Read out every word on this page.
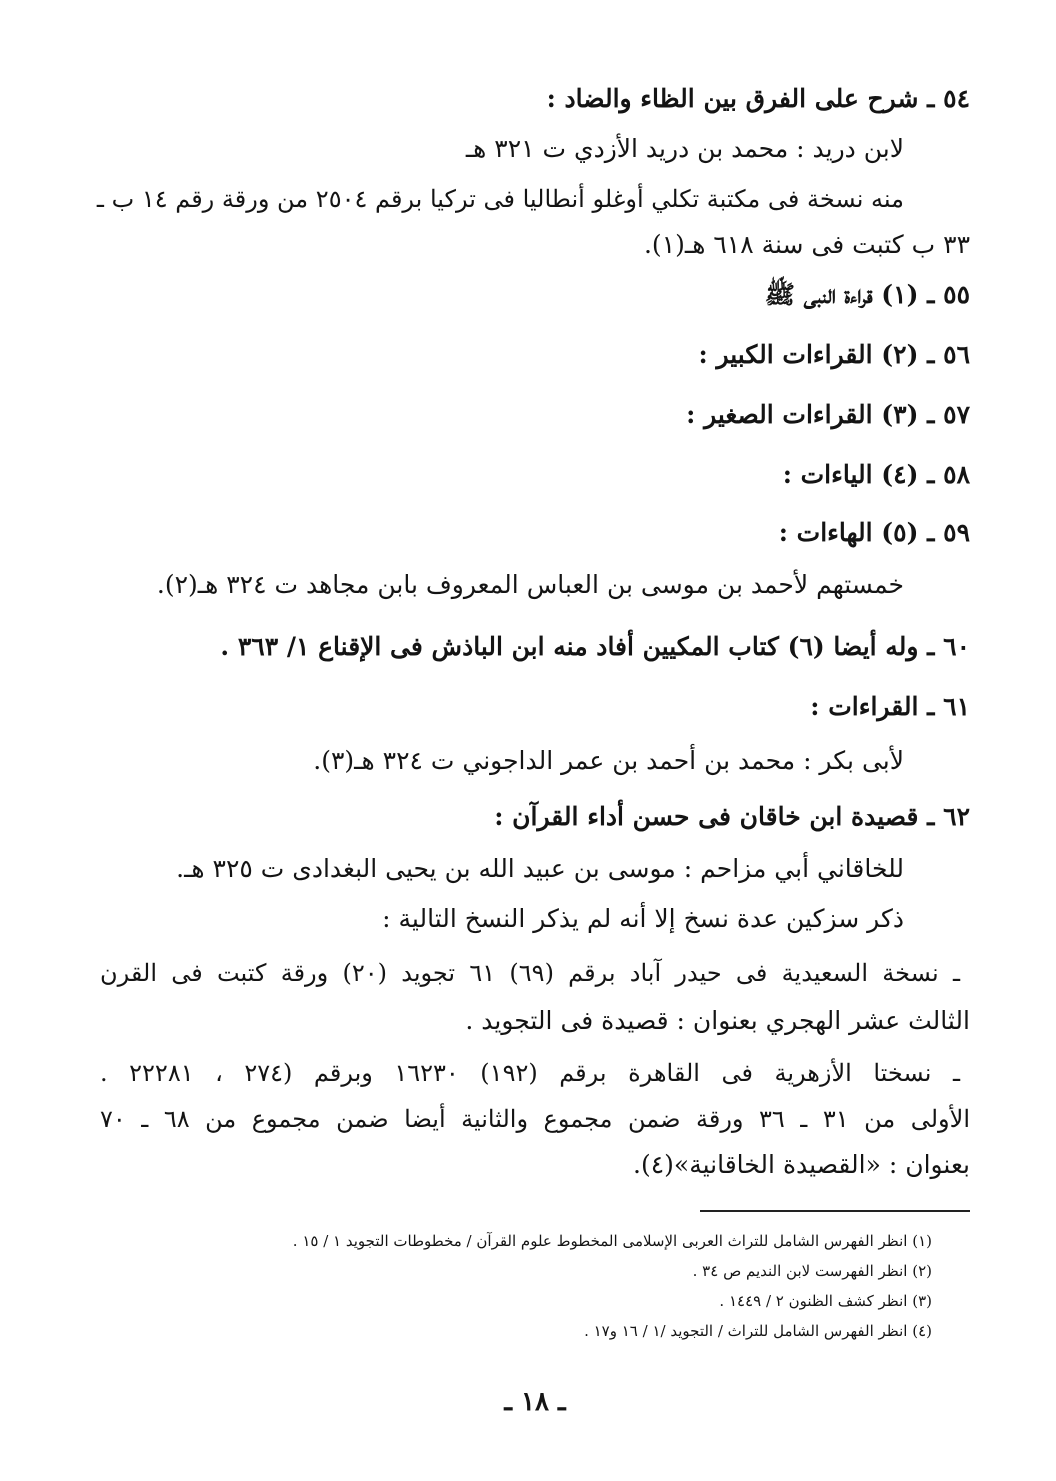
٥٤ ـ شرح على الفرق بين الظاء والضاد :
لابن دريد : محمد بن دريد الأزدي ت ٣٢١ هـ
منه نسخة فى مكتبة تكلي أوغلو أنطاليا فى تركيا برقم ٢٥٠٤ من ورقة رقم ١٤ ب ـ
٣٣ ب كتبت فى سنة ٦١٨ هـ(١).
٥٥ ـ (١) قراءة النبى ﷺ
٥٦ ـ (٢) القراءات الكبير :
٥٧ ـ (٣) القراءات الصغير :
٥٨ ـ (٤) الياءات :
٥٩ ـ (٥) الهاءات :
خمستهم لأحمد بن موسى بن العباس المعروف بابن مجاهد ت ٣٢٤ هـ(٢).
٦٠ ـ وله أيضا (٦) كتاب المكيين أفاد منه ابن الباذش فى الإقناع ١/ ٣٦٣ .
٦١ ـ القراءات :
لأبى بكر : محمد بن أحمد بن عمر الداجوني ت ٣٢٤ هـ(٣).
٦٢ ـ قصيدة ابن خاقان فى حسن أداء القرآن :
للخاقاني أبي مزاحم : موسى بن عبيد الله بن يحيى البغدادى ت ٣٢٥ هـ.
ذكر سزكين عدة نسخ إلا أنه لم يذكر النسخ التالية :
ـ نسخة السعيدية فى حيدر آباد برقم (٦٩) ٦١ تجويد (٢٠) ورقة كتبت فى القرن
الثالث عشر الهجري بعنوان : قصيدة فى التجويد .
ـ نسختا الأزهرية فى القاهرة برقم (١٩٢) ١٦٢٣٠ وبرقم (٢٧٤ ، ٢٢٢٨١ .
الأولى من ٣١ ـ ٣٦ ورقة ضمن مجموع والثانية أيضا ضمن مجموع من ٦٨ ـ ٧٠
بعنوان : «القصيدة الخاقانية»(٤).
(١) انظر الفهرس الشامل للتراث العربى الإسلامى المخطوط علوم القرآن / مخطوطات التجويد ١ / ١٥ .
(٢) انظر الفهرست لابن النديم ص ٣٤ .
(٣) انظر كشف الظنون ٢ / ١٤٤٩ .
(٤) انظر الفهرس الشامل للتراث / التجويد /١ / ١٦ و١٧ .
ـ ١٨ ـ
